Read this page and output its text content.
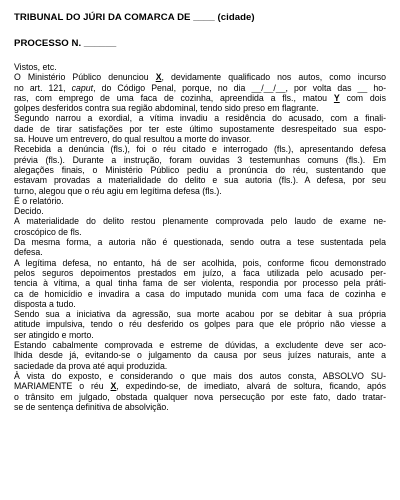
TRIBUNAL DO JÚRI DA COMARCA DE ____ (cidade)
PROCESSO N. ______
Vistos, etc.
O Ministério Público denunciou X, devidamente qualificado nos autos, como incurso
no art. 121, caput, do Código Penal, porque, no dia __/__/__, por volta das __ ho-
ras, com emprego de uma faca de cozinha, apreendida a fls., matou Y com dois
golpes desferidos contra sua região abdominal, tendo sido preso em flagrante.
Segundo narrou a exordial, a vítima invadiu a residência do acusado, com a finali-
dade de tirar satisfações por ter este último supostamente desrespeitado sua espo-
sa. Houve um entrevero, do qual resultou a morte do invasor.
Recebida a denúncia (fls.), foi o réu citado e interrogado (fls.), apresentando defesa
prévia (fls.). Durante a instrução, foram ouvidas 3 testemunhas comuns (fls.). Em
alegações finais, o Ministério Público pediu a pronúncia do réu, sustentando que
estavam provadas a materialidade do delito e sua autoria (fls.). A defesa, por seu
turno, alegou que o réu agiu em legítima defesa (fls.).
É o relatório.
Decido.
A materialidade do delito restou plenamente comprovada pelo laudo de exame ne-
croscópico de fls.
Da mesma forma, a autoria não é questionada, sendo outra a tese sustentada pela
defesa.
A legítima defesa, no entanto, há de ser acolhida, pois, conforme ficou demonstrado
pelos seguros depoimentos prestados em juízo, a faca utilizada pelo acusado per-
tencia à vítima, a qual tinha fama de ser violenta, respondia por processo pela práti-
ca de homicídio e invadira a casa do imputado munida com uma faca de cozinha e
disposta a tudo.
Sendo sua a iniciativa da agressão, sua morte acabou por se debitar à sua própria
atitude impulsiva, tendo o réu desferido os golpes para que ele próprio não viesse a
ser atingido e morto.
Estando cabalmente comprovada e estreme de dúvidas, a excludente deve ser aco-
lhida desde já, evitando-se o julgamento da causa por seus juízes naturais, ante a
saciedade da prova até aqui produzida.
À vista do exposto, e considerando o que mais dos autos consta, ABSOLVO SU-
MARIAMENTE o réu X, expedindo-se, de imediato, alvará de soltura, ficando, após
o trânsito em julgado, obstada qualquer nova persecução por este fato, dado tratar-
se de sentença definitiva de absolvição.
